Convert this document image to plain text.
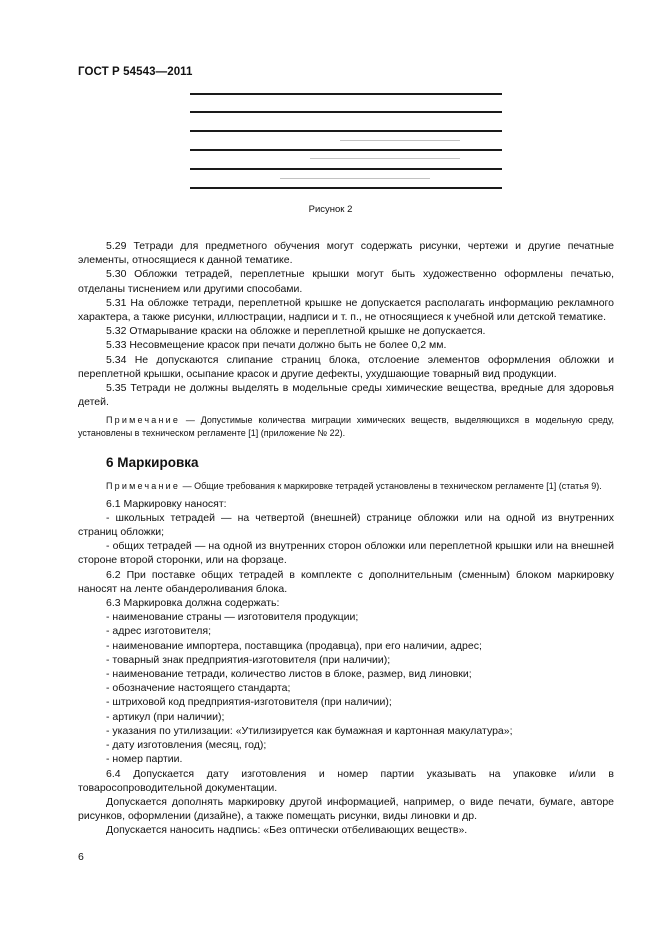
ГОСТ Р 54543—2011
Рисунок 2

5.29 Тетради для предметного обучения могут содержать рисунки, чертежи и другие печатные элементы, относящиеся к данной тематике.

5.30 Обложки тетрадей, переплетные крышки могут быть художественно оформлены печатью, отделаны тиснением или другими способами.

5.31 На обложке тетради, переплетной крышке не допускается располагать информацию рекламного характера, а также рисунки, иллюстрации, надписи и т. п., не относящиеся к учебной или детской тематике.

5.32 Отмарывание краски на обложке и переплетной крышке не допускается.

5.33 Несовмещение красок при печати должно быть не более 0,2 мм.

5.34 Не допускаются слипание страниц блока, отслоение элементов оформления обложки и переплетной крышки, осыпание красок и другие дефекты, ухудшающие товарный вид продукции.

5.35 Тетради не должны выделять в модельные среды химические вещества, вредные для здоровья детей.

Примечание — Допустимые количества миграции химических веществ, выделяющихся в модельную среду, установлены в техническом регламенте [1] (приложение № 22).

6 Маркировка

Примечание — Общие требования к маркировке тетрадей установлены в техническом регламенте [1] (статья 9).

6.1 Маркировку наносят:

- школьных тетрадей — на четвертой (внешней) странице обложки или на одной из внутренних страниц обложки;

- общих тетрадей — на одной из внутренних сторон обложки или переплетной крышки или на внешней стороне второй сторонки, или на форзаце.

6.2 При поставке общих тетрадей в комплекте с дополнительным (сменным) блоком маркировку наносят на ленте обандероливания блока.

6.3 Маркировка должна содержать:

- наименование страны — изготовителя продукции;

- адрес изготовителя;

- наименование импортера, поставщика (продавца), при его наличии, адрес;

- товарный знак предприятия-изготовителя (при наличии);

- наименование тетради, количество листов в блоке, размер, вид линовки;

- обозначение настоящего стандарта;

- штриховой код предприятия-изготовителя (при наличии);

- артикул (при наличии);

- указания по утилизации: «Утилизируется как бумажная и картонная макулатура»;

- дату изготовления (месяц, год);

- номер партии.

6.4 Допускается дату изготовления и номер партии указывать на упаковке и/или в товаросопроводительной документации.

Допускается дополнять маркировку другой информацией, например, о виде печати, бумаге, авторе рисунков, оформлении (дизайне), а также помещать рисунки, виды линовки и др.

Допускается наносить надпись: «Без оптически отбеливающих веществ».

6
